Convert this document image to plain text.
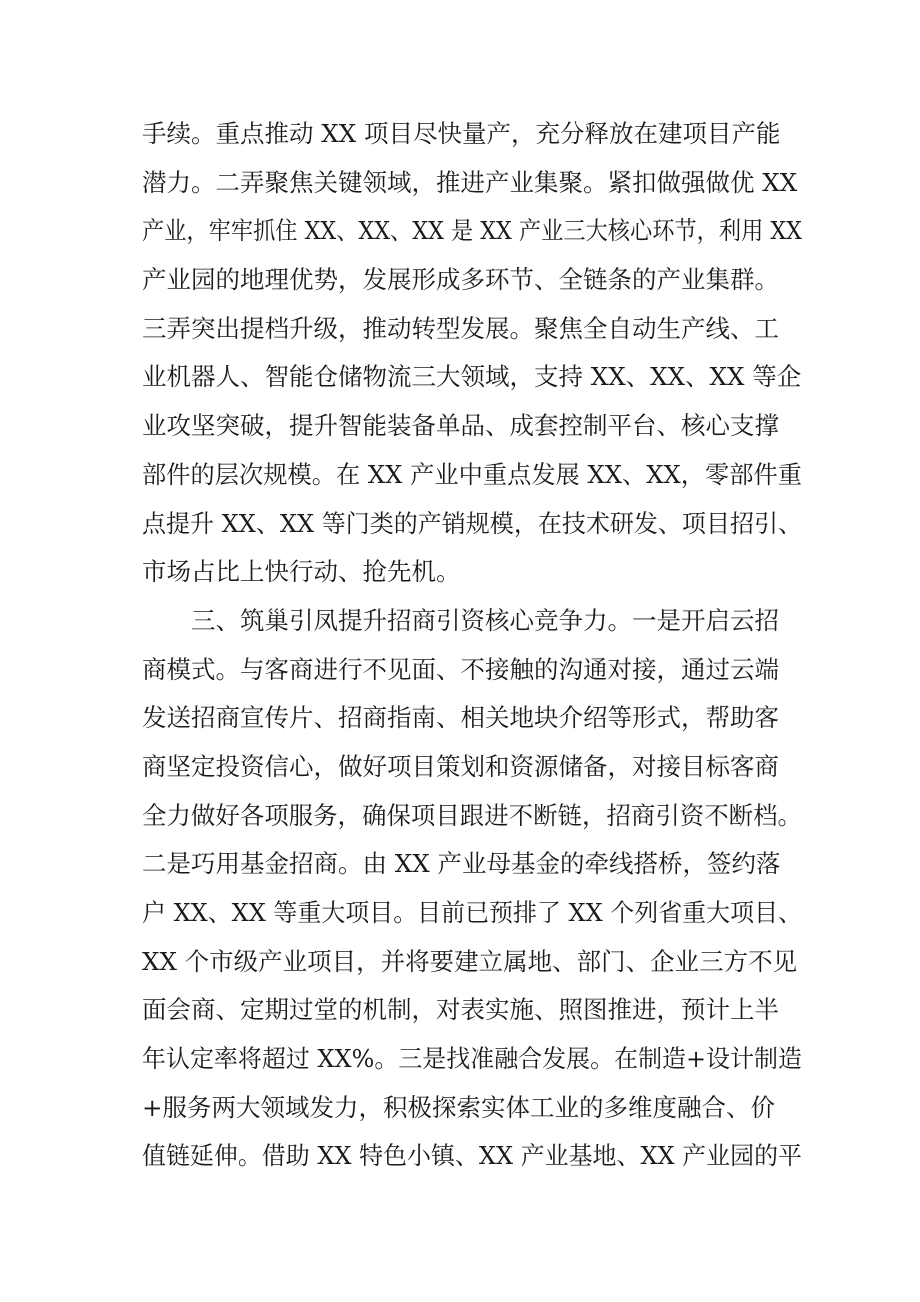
手续。重点推动 XX 项目尽快量产，充分释放在建项目产能
潜力。二弄聚焦关键领域，推进产业集聚。紧扣做强做优 XX
产业，牢牢抓住 XX、XX、XX 是 XX 产业三大核心环节，利用 XX
产业园的地理优势，发展形成多环节、全链条的产业集群。
三弄突出提档升级，推动转型发展。聚焦全自动生产线、工
业机器人、智能仓储物流三大领域，支持 XX、XX、XX 等企
业攻坚突破，提升智能装备单品、成套控制平台、核心支撑
部件的层次规模。在 XX 产业中重点发展 XX、XX，零部件重
点提升 XX、XX 等门类的产销规模，在技术研发、项目招引、
市场占比上快行动、抢先机。
三、筑巢引凤提升招商引资核心竞争力。一是开启云招
商模式。与客商进行不见面、不接触的沟通对接，通过云端
发送招商宣传片、招商指南、相关地块介绍等形式，帮助客
商坚定投资信心，做好项目策划和资源储备，对接目标客商
全力做好各项服务，确保项目跟进不断链，招商引资不断档。
二是巧用基金招商。由 XX 产业母基金的牵线搭桥，签约落
户 XX、XX 等重大项目。目前已预排了 XX 个列省重大项目、
XX 个市级产业项目，并将要建立属地、部门、企业三方不见
面会商、定期过堂的机制，对表实施、照图推进，预计上半
年认定率将超过 XX%。三是找准融合发展。在制造+设计制造
+服务两大领域发力，积极探索实体工业的多维度融合、价
值链延伸。借助 XX 特色小镇、XX 产业基地、XX 产业园的平
